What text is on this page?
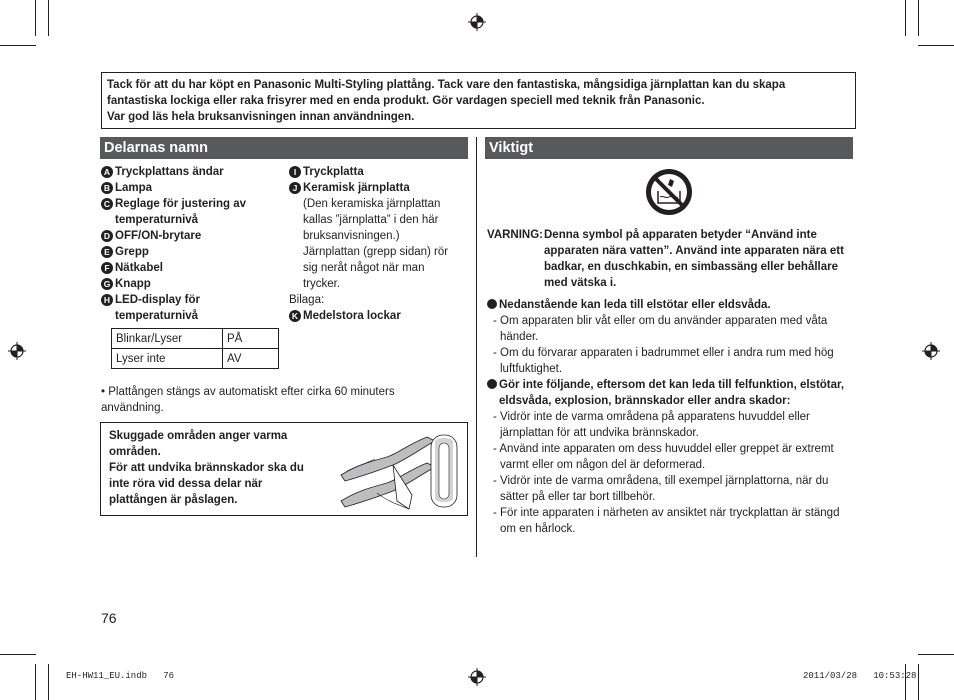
Tack för att du har köpt en Panasonic Multi-Styling plattång. Tack vare den fantastiska, mångsidiga järnplattan kan du skapa
fantastiska lockiga eller raka frisyrer med en enda produkt. Gör vardagen speciell med teknik från Panasonic.
Var god läs hela bruksanvisningen innan användningen.
Delarnas namn
A Tryckplattans ändar
B Lampa
C Reglage för justering av temperaturnivå
D OFF/ON-brytare
E Grepp
F Nätkabel
G Knapp
H LED-display för temperaturnivå
I Tryckplatta
J Keramisk järnplatta
(Den keramiska järnplattan kallas ”järnplatta” i den här bruksanvisningen.)
Järnplattan (grepp sidan) rör sig neråt något när man trycker.
Bilaga:
K Medelstora lockar
Blinkar/Lyser	PÅ
Lyser inte	AV
• Plattången stängs av automatiskt efter cirka 60 minuters användning.
Skuggade områden anger varma områden.
För att undvika brännskador ska du inte röra vid dessa delar när plattången är påslagen.
Viktigt
VARNING: Denna symbol på apparaten betyder “Använd inte apparaten nära vatten”. Använd inte apparaten nära ett badkar, en duschkabin, en simbassäng eller behållare med vätska i.
Nedanstående kan leda till elstötar eller eldsvåda.
- Om apparaten blir våt eller om du använder apparaten med våta händer.
- Om du förvarar apparaten i badrummet eller i andra rum med hög luftfuktighet.
Gör inte följande, eftersom det kan leda till felfunktion, elstötar, eldsvåda, explosion, brännskador eller andra skador:
- Vidrör inte de varma områdena på apparatens huvuddel eller järnplattan för att undvika brännskador.
- Använd inte apparaten om dess huvuddel eller greppet är extremt varmt eller om någon del är deformerad.
- Vidrör inte de varma områdena, till exempel järnplattorna, när du sätter på eller tar bort tillbehör.
- För inte apparaten i närheten av ansiktet när tryckplattan är stängd om en hårlock.
76
EH-HW11_EU.indb   76	2011/03/28   10:53:28
